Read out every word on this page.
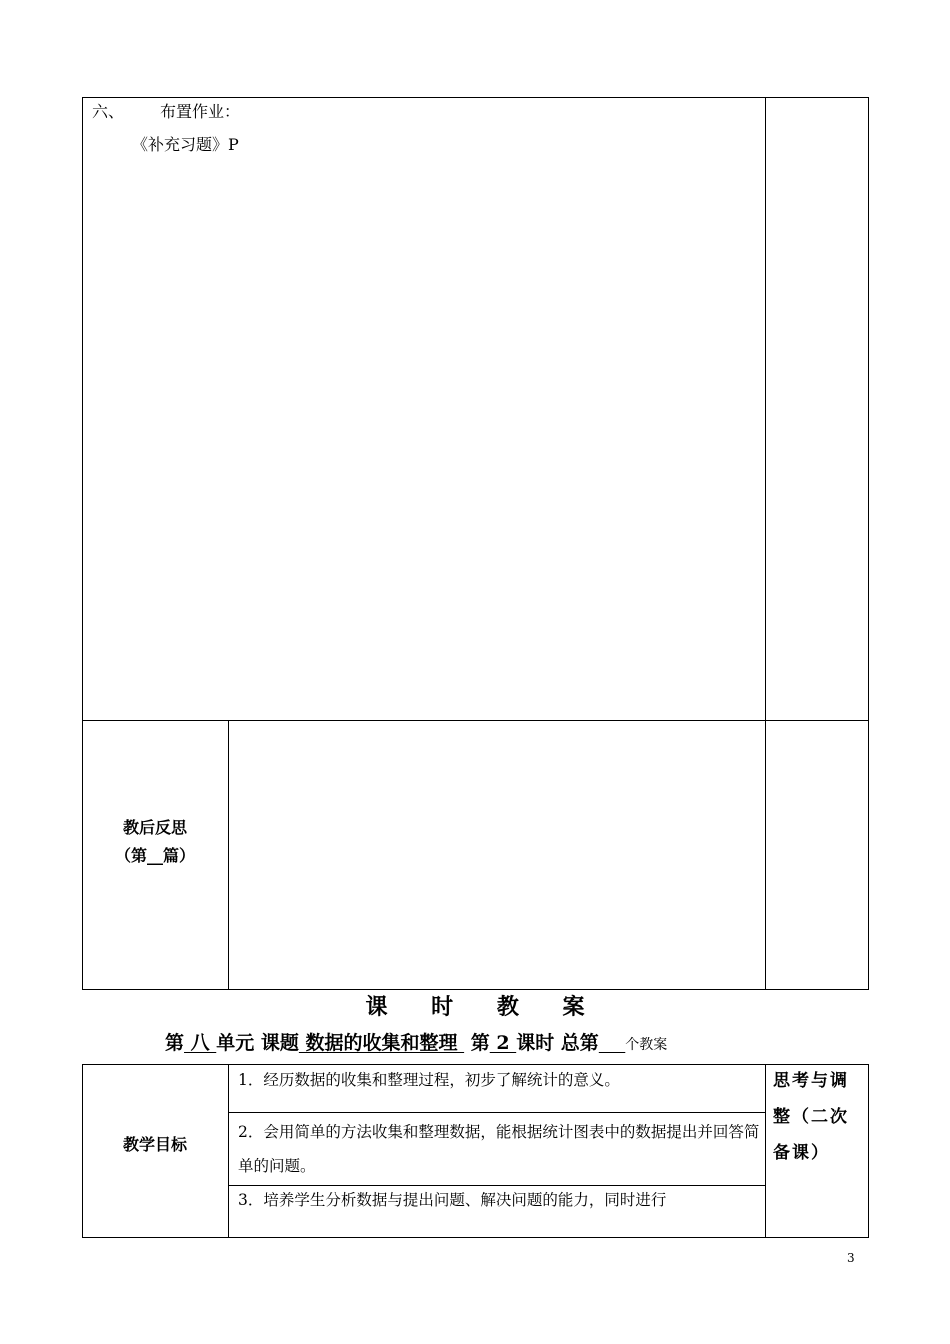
六、 布置作业：
《补充习题》P
教后反思
（第__篇）
课 时 教 案
第 八 单元 课题 数据的收集和整理  第 2 课时 总第 个教案
教学目标
1．经历数据的收集和整理过程，初步了解统计的意义。
2．会用简单的方法收集和整理数据，能根据统计图表中的数据提出并回答简单的问题。
3．培养学生分析数据与提出问题、解决问题的能力，同时进行
思考与调整（二次备课）
3
